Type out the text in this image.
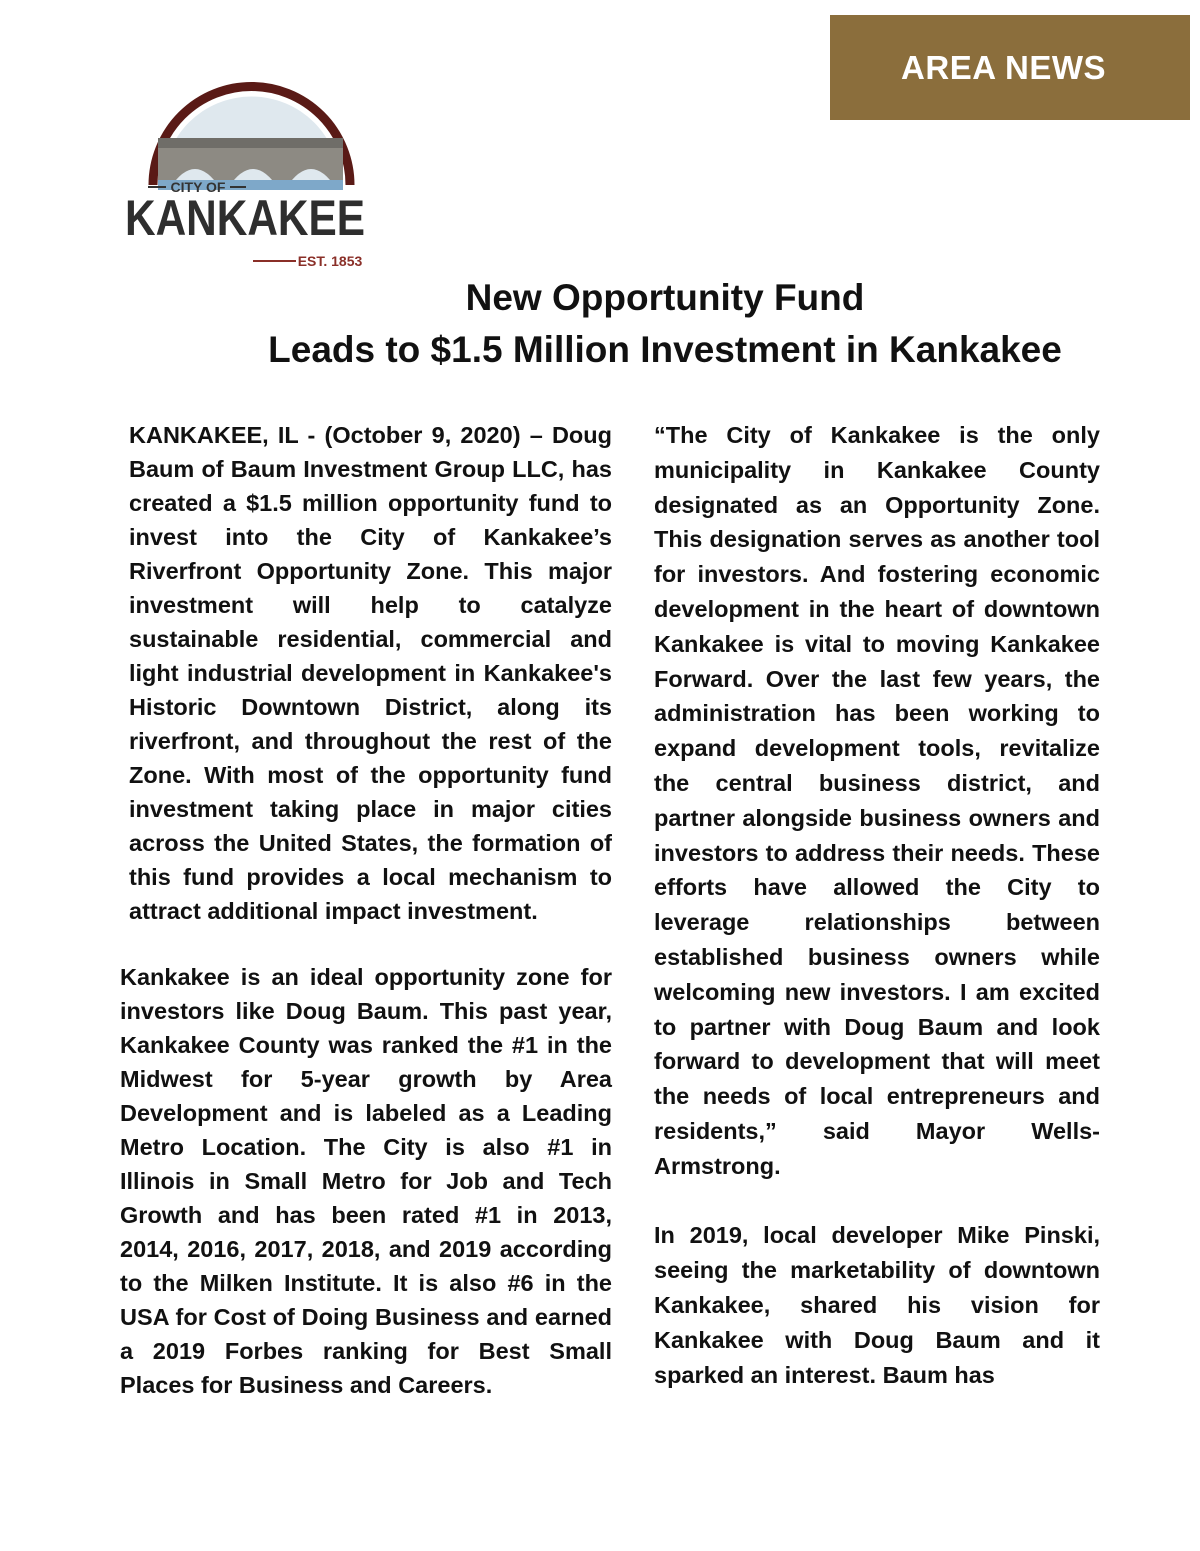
AREA NEWS
CITY OF
KANKAKEE
EST. 1853
New Opportunity Fund
Leads to $1.5 Million Investment in Kankakee

KANKAKEE, IL - (October 9, 2020) – Doug Baum of Baum Investment Group LLC, has created a $1.5 million opportunity fund to invest into the City of Kankakee’s Riverfront Opportunity Zone. This major investment will help to catalyze sustainable residential, commercial and light industrial development in Kankakee's Historic Downtown District, along its riverfront, and throughout the rest of the Zone. With most of the opportunity fund investment taking place in major cities across the United States, the formation of this fund provides a local mechanism to attract additional impact investment.

Kankakee is an ideal opportunity zone for investors like Doug Baum. This past year, Kankakee County was ranked the #1 in the Midwest for 5-year growth by Area Development and is labeled as a Leading Metro Location. The City is also #1 in Illinois in Small Metro for Job and Tech Growth and has been rated #1 in 2013, 2014, 2016, 2017, 2018, and 2019 according to the Milken Institute. It is also #6 in the USA for Cost of Doing Business and earned a 2019 Forbes ranking for Best Small Places for Business and Careers.

“The City of Kankakee is the only municipality in Kankakee County designated as an Opportunity Zone. This designation serves as another tool for investors. And fostering economic development in the heart of downtown Kankakee is vital to moving Kankakee Forward. Over the last few years, the administration has been working to expand development tools, revitalize the central business district, and partner alongside business owners and investors to address their needs. These efforts have allowed the City to leverage relationships between established business owners while welcoming new investors. I am excited to partner with Doug Baum and look forward to development that will meet the needs of local entrepreneurs and residents,” said Mayor Wells-Armstrong.

In 2019, local developer Mike Pinski, seeing the marketability of downtown Kankakee, shared his vision for Kankakee with Doug Baum and it sparked an interest. Baum has
